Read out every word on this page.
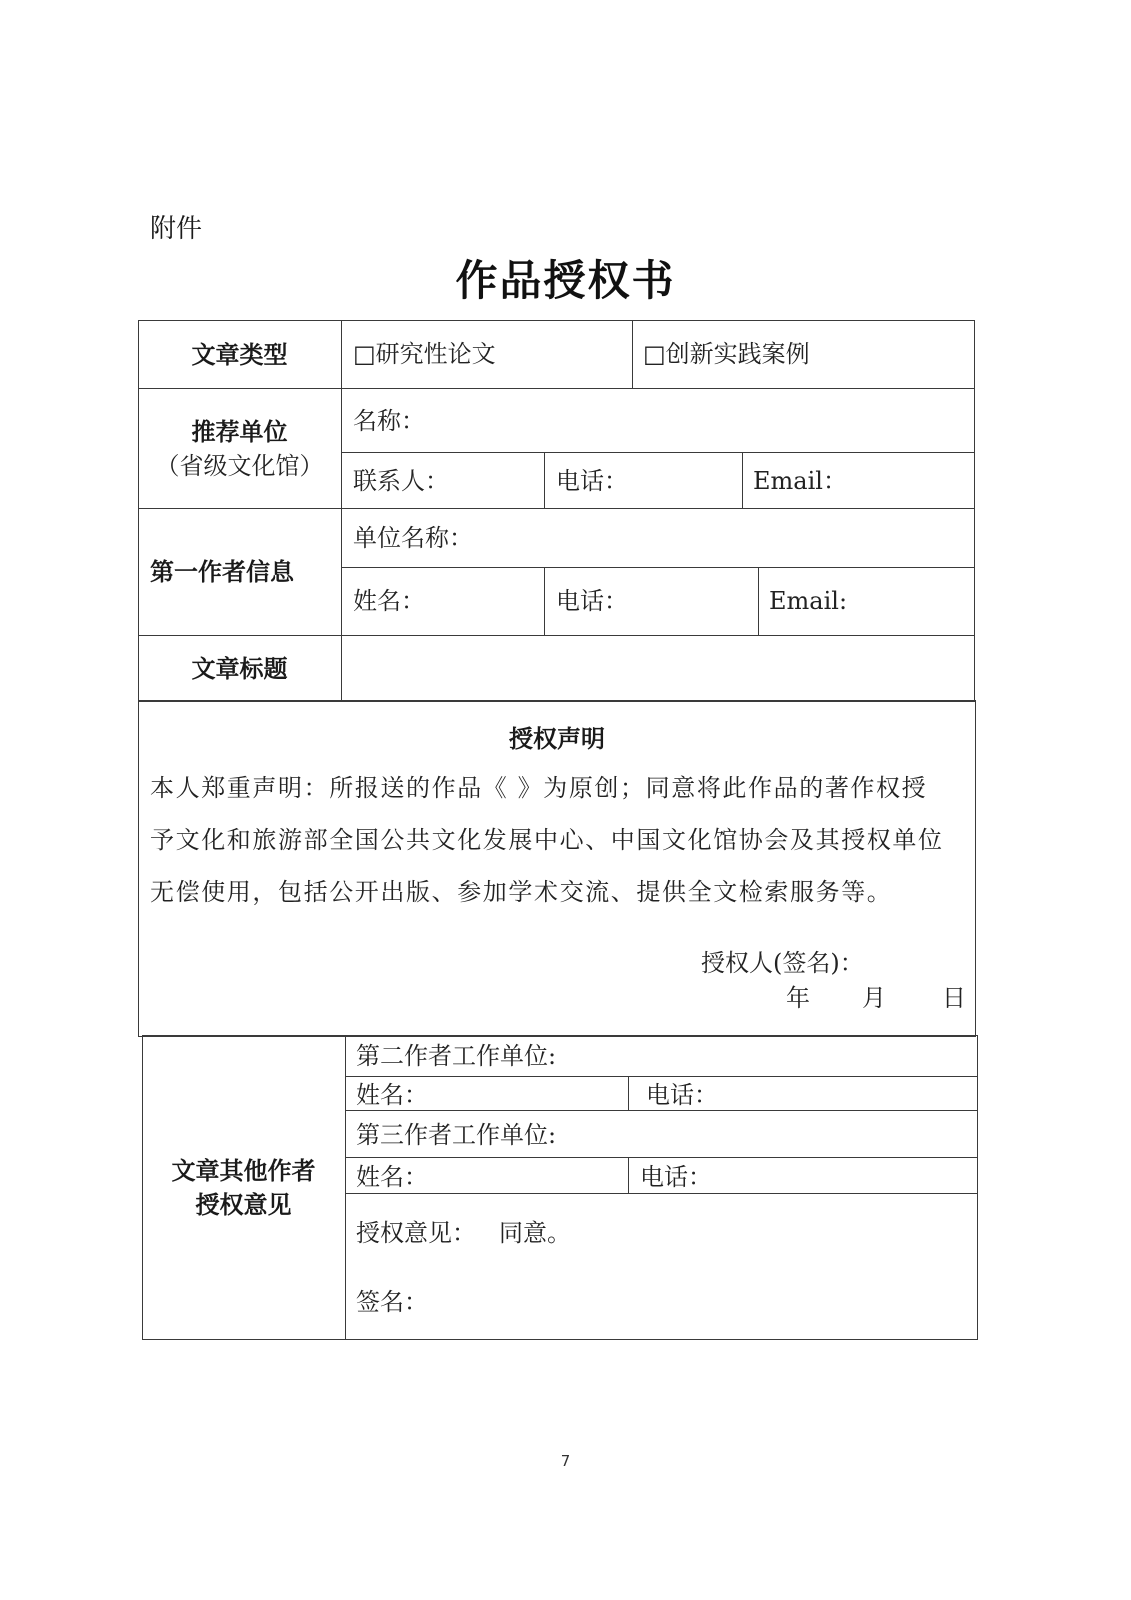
附件
作品授权书
文章类型	□研究性论文	□创新实践案例
推荐单位
（省级文化馆）
名称：
联系人：	电话：	Email：
第一作者信息
单位名称：
姓名：	电话：	Email:
文章标题
授权声明
本人郑重声明：所报送的作品《 》为原创；同意将此作品的著作权授
予文化和旅游部全国公共文化发展中心、中国文化馆协会及其授权单位
无偿使用，包括公开出版、参加学术交流、提供全文检索服务等。
授权人(签名)：
年 月 日
文章其他作者
授权意见
第二作者工作单位:
姓名：	电话：
第三作者工作单位:
姓名：	电话：
授权意见： 同意。
签名：
7
